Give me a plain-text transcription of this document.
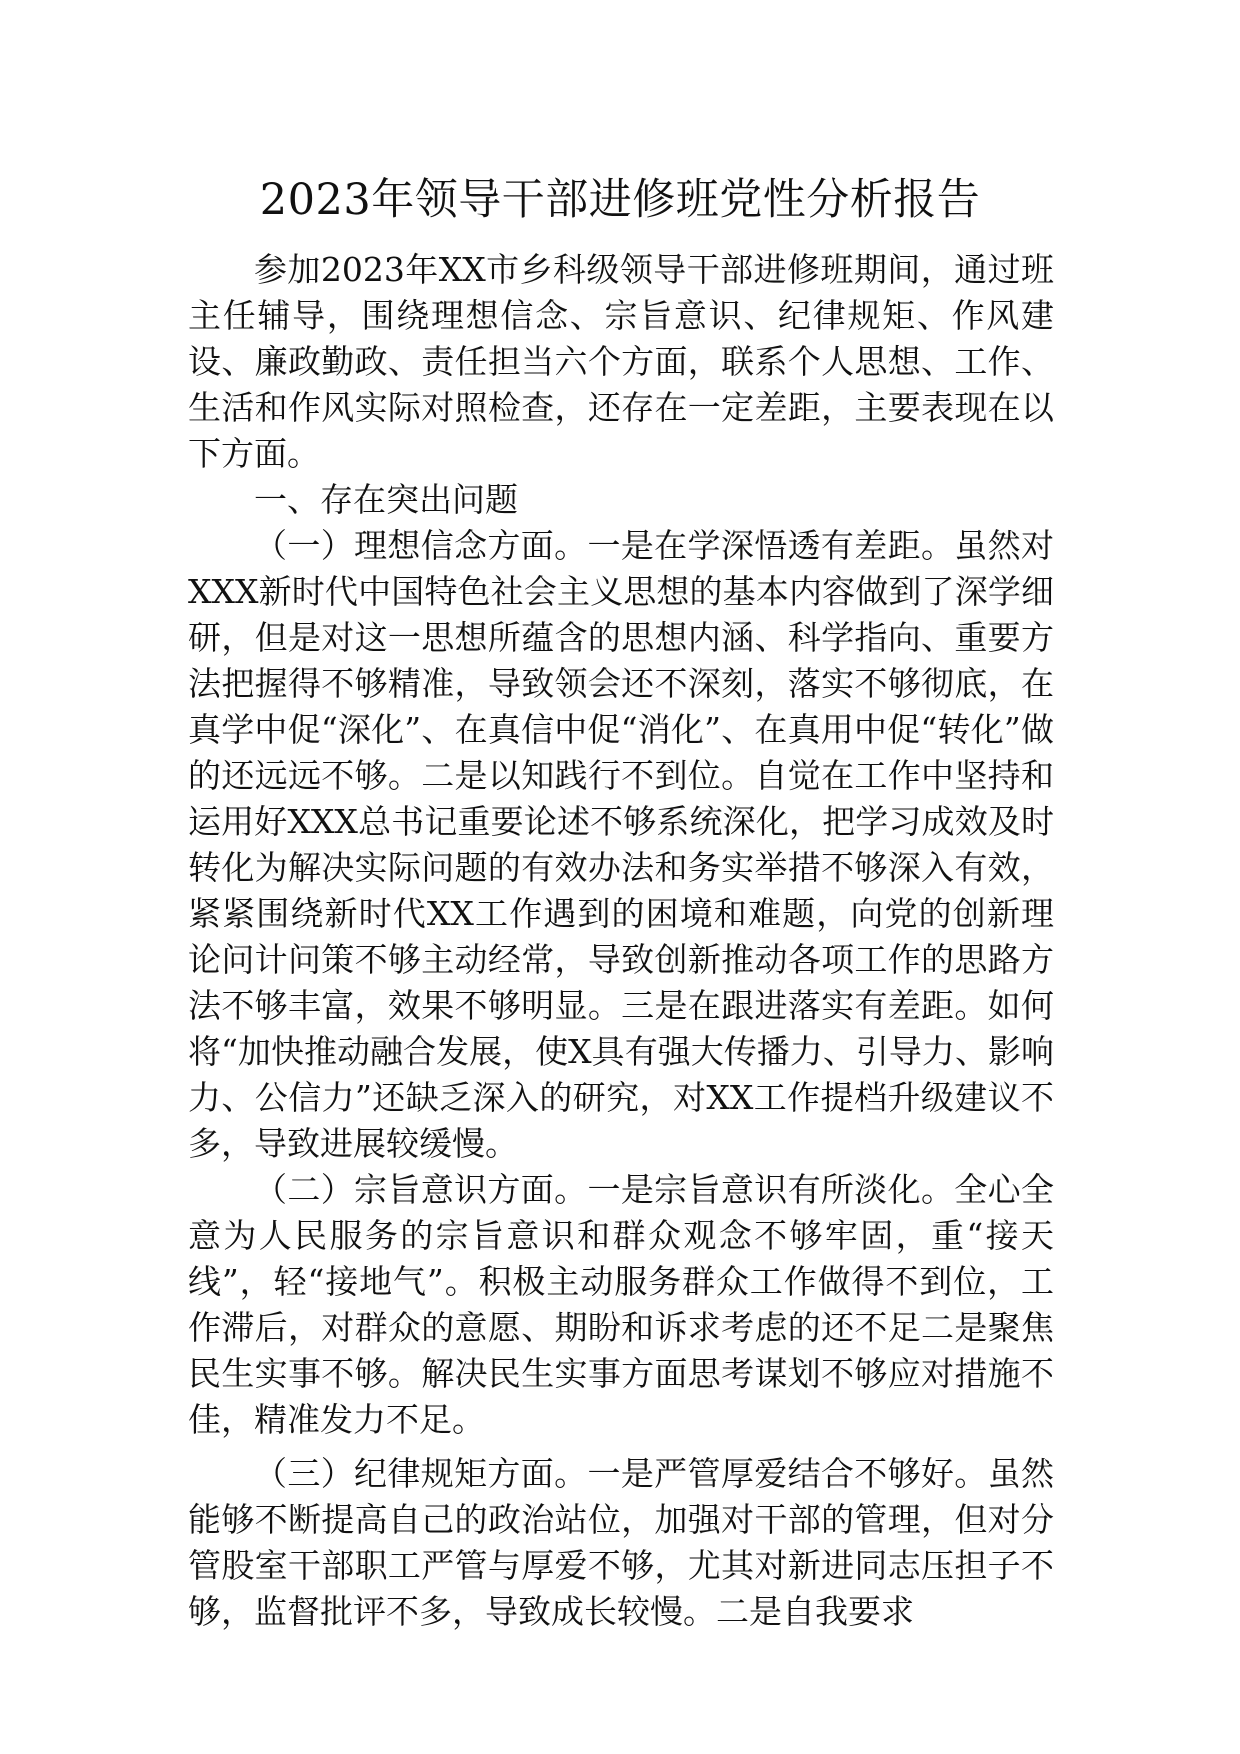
2023年领导干部进修班党性分析报告

参加2023年XX市乡科级领导干部进修班期间，通过班主任辅导，围绕理想信念、宗旨意识、纪律规矩、作风建设、廉政勤政、责任担当六个方面，联系个人思想、工作、生活和作风实际对照检查，还存在一定差距，主要表现在以下方面。

一、存在突出问题

（一）理想信念方面。一是在学深悟透有差距。虽然对XXX新时代中国特色社会主义思想的基本内容做到了深学细研，但是对这一思想所蕴含的思想内涵、科学指向、重要方法把握得不够精准，导致领会还不深刻，落实不够彻底，在真学中促“深化”、在真信中促“消化”、在真用中促“转化”做的还远远不够。二是以知践行不到位。自觉在工作中坚持和运用好XXX总书记重要论述不够系统深化，把学习成效及时转化为解决实际问题的有效办法和务实举措不够深入有效，紧紧围绕新时代XX工作遇到的困境和难题，向党的创新理论问计问策不够主动经常，导致创新推动各项工作的思路方法不够丰富，效果不够明显。三是在跟进落实有差距。如何将“加快推动融合发展，使X具有强大传播力、引导力、影响力、公信力”还缺乏深入的研究，对XX工作提档升级建议不多，导致进展较缓慢。

（二）宗旨意识方面。一是宗旨意识有所淡化。全心全意为人民服务的宗旨意识和群众观念不够牢固，重“接天线”，轻“接地气”。积极主动服务群众工作做得不到位，工作滞后，对群众的意愿、期盼和诉求考虑的还不足二是聚焦民生实事不够。解决民生实事方面思考谋划不够应对措施不佳，精准发力不足。

（三）纪律规矩方面。一是严管厚爱结合不够好。虽然能够不断提高自己的政治站位，加强对干部的管理，但对分管股室干部职工严管与厚爱不够，尤其对新进同志压担子不够，监督批评不多，导致成长较慢。二是自我要求
